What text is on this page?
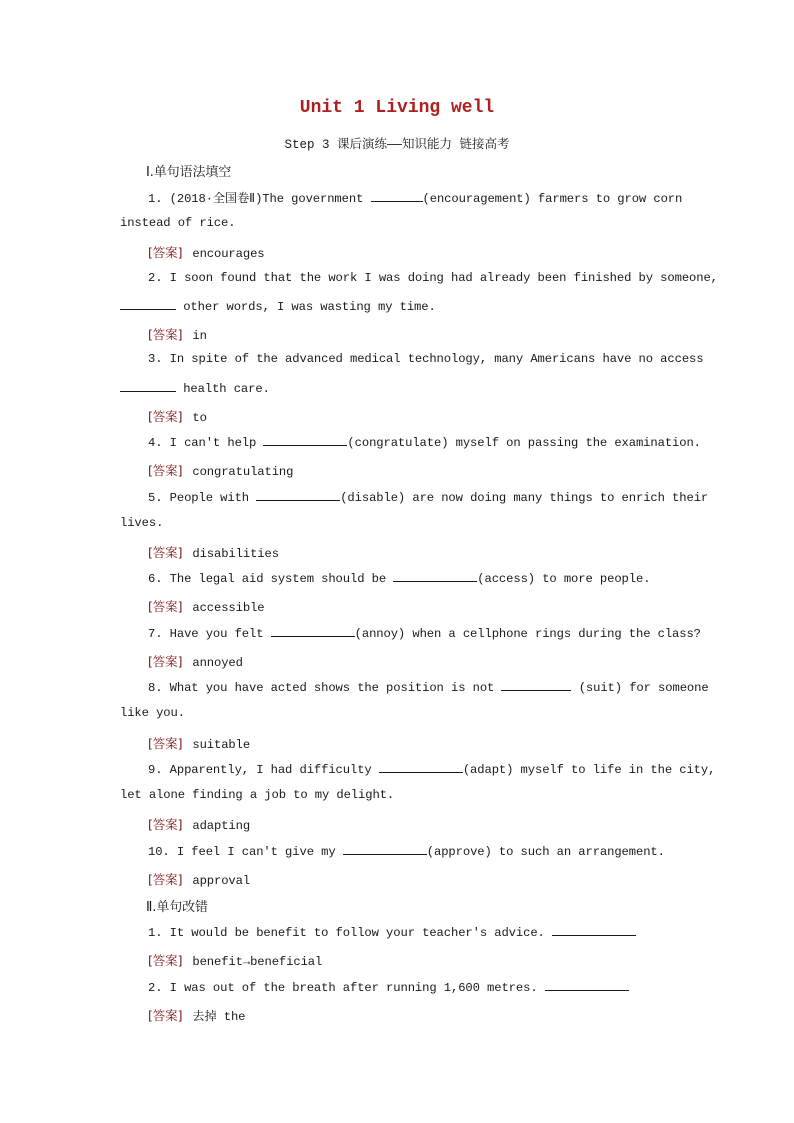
Unit 1 Living well
Step 3 课后演练——知识能力 链接高考
Ⅰ.单句语法填空
1. (2018·全国卷Ⅱ)The government	(encouragement) farmers to grow corn
instead of rice.
[答案] encourages
2. I soon found that the work I was doing had already been finished by someone,
other words, I was wasting my time.
[答案] in
3. In spite of the advanced medical technology, many Americans have no access
health care.
[答案] to
4. I can't help	(congratulate) myself on passing the examination.
[答案] congratulating
5. People with	(disable) are now doing many things to enrich their
lives.
[答案] disabilities
6. The legal aid system should be	(access) to more people.
[答案] accessible
7. Have you felt	(annoy) when a cellphone rings during the class?
[答案] annoyed
8. What you have acted shows the position is not	(suit) for someone
like you.
[答案] suitable
9. Apparently, I had difficulty	(adapt) myself to life in the city,
let alone finding a job to my delight.
[答案] adapting
10. I feel I can't give my	(approve) to such an arrangement.
[答案] approval
Ⅱ.单句改错
1. It would be benefit to follow your teacher's advice.
[答案] benefit→beneficial
2. I was out of the breath after running 1,600 metres.
[答案] 去掉 the
